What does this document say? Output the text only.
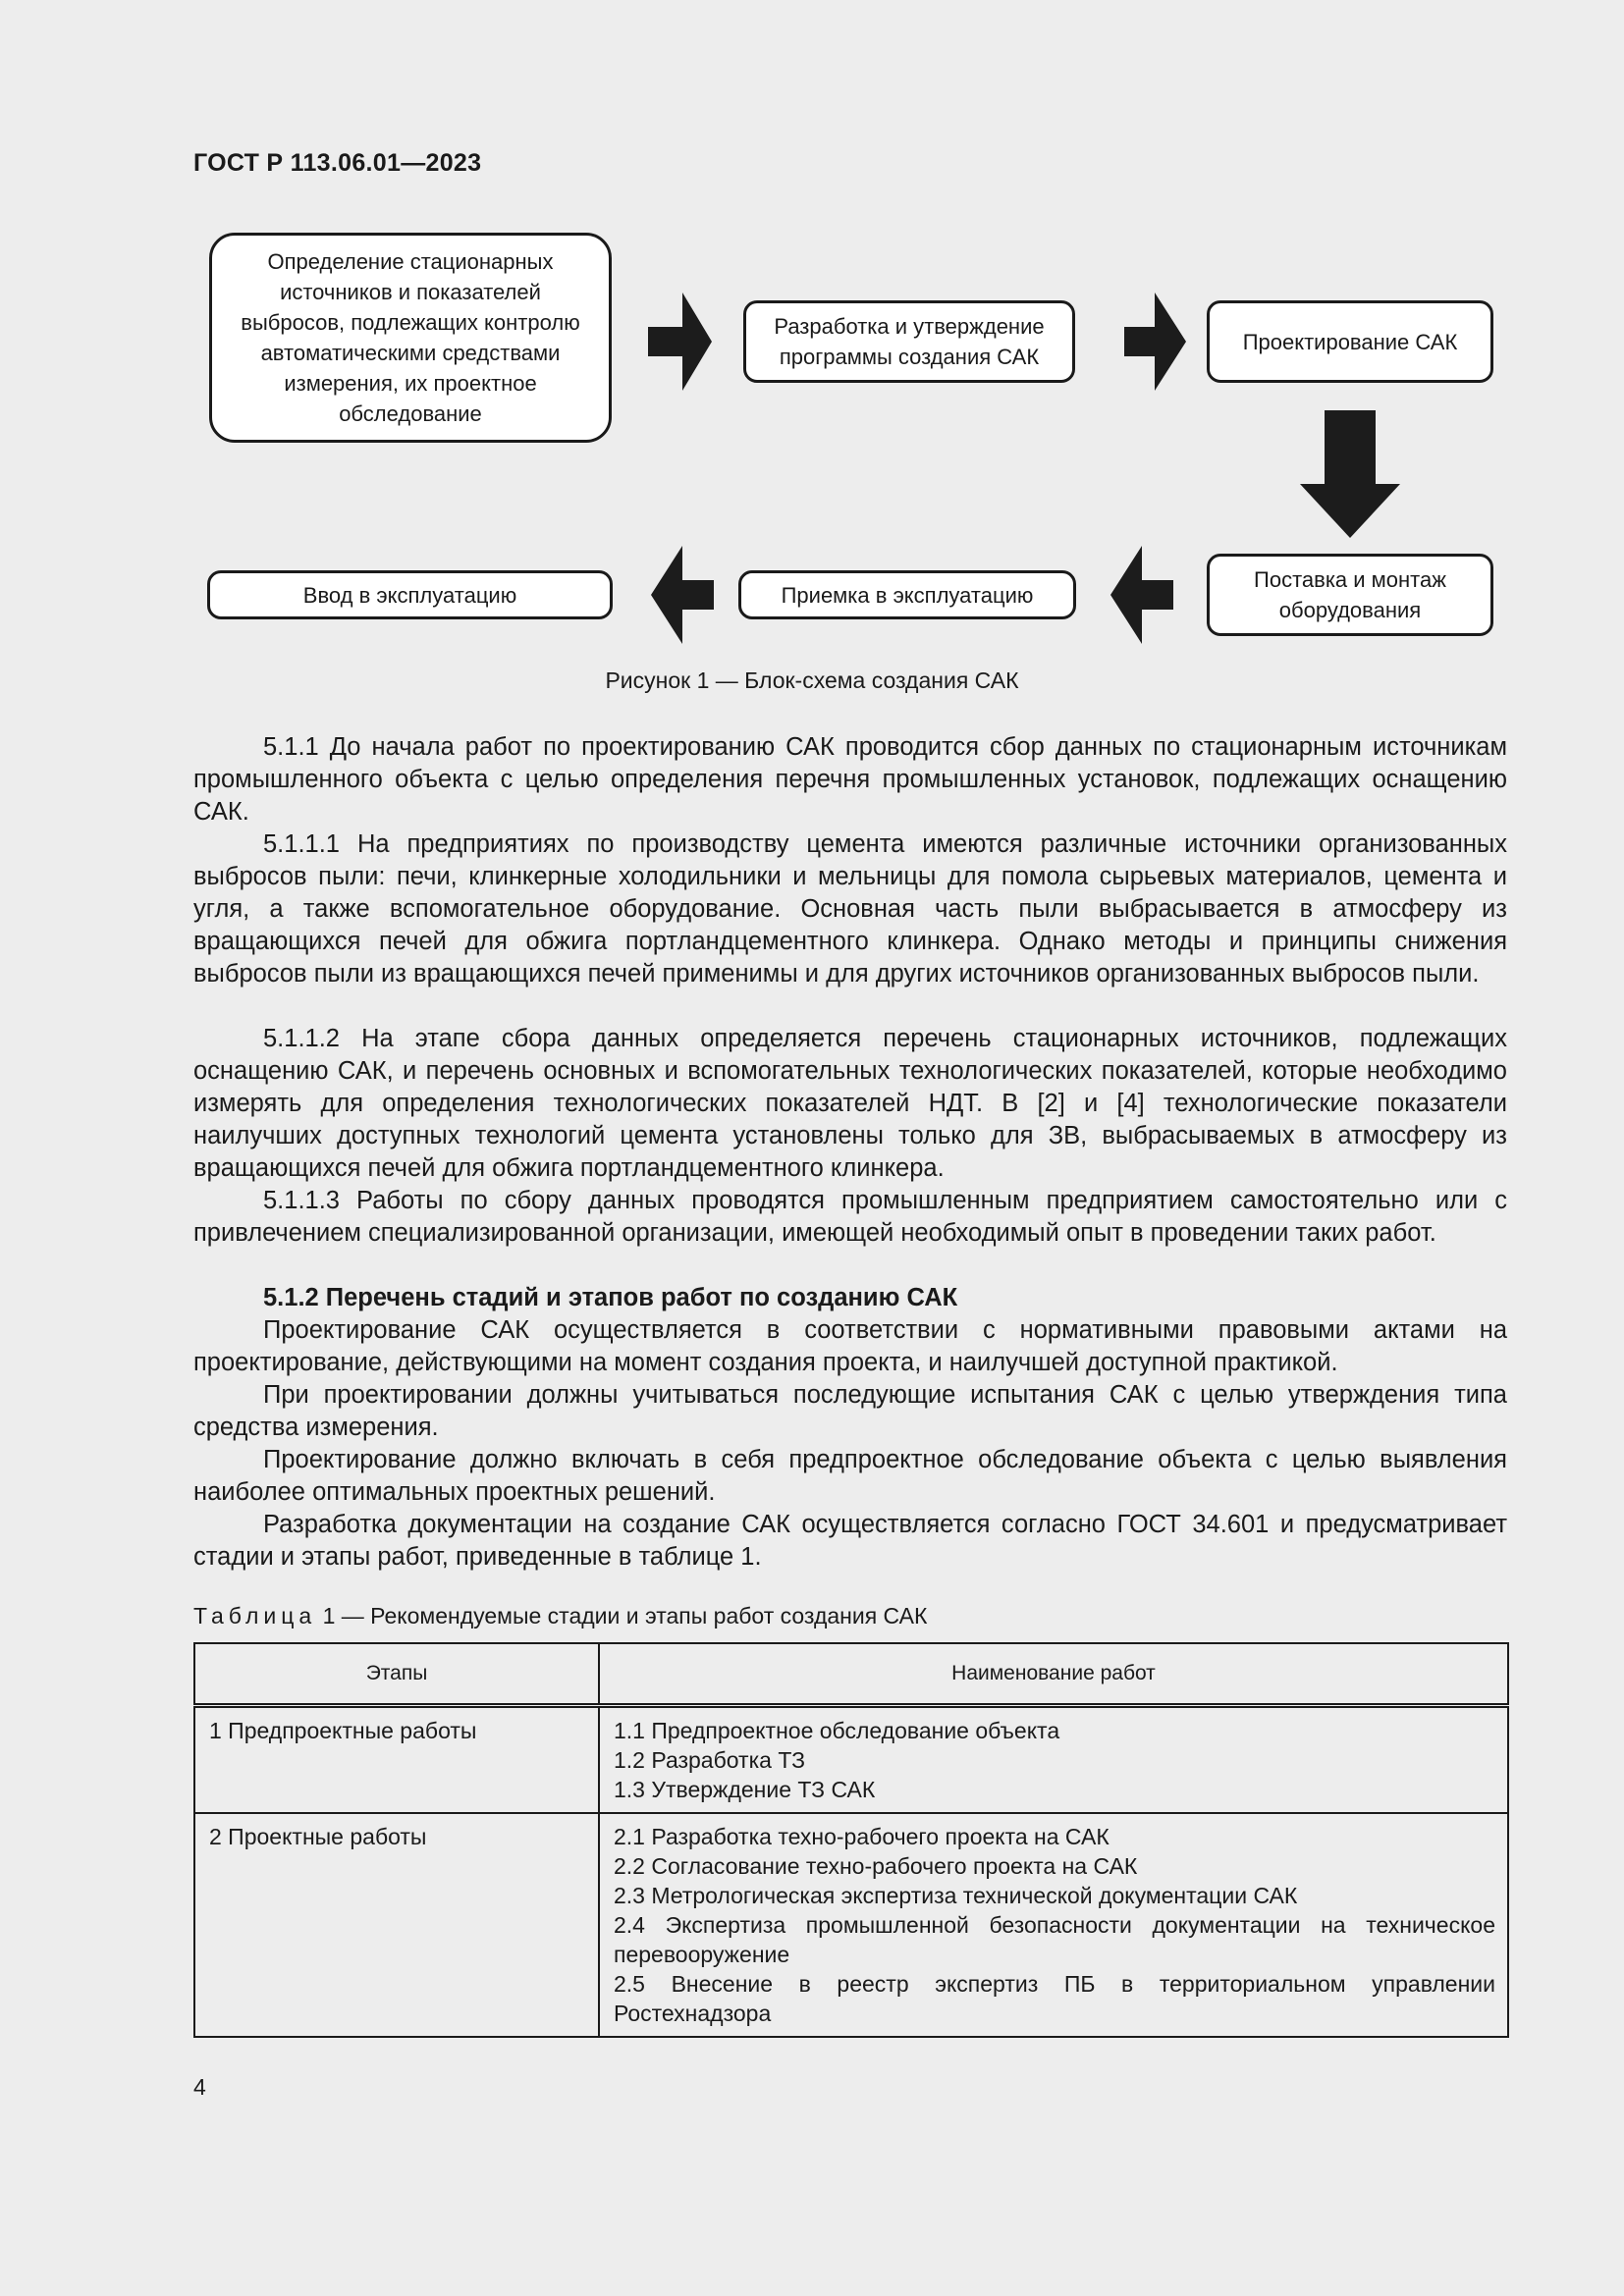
ГОСТ Р 113.06.01—2023
Определение стационарных
источников и показателей
выбросов, подлежащих контролю
автоматическими средствами
измерения, их проектное
обследование
Разработка и утверждение
программы создания САК
Проектирование САК
Поставка и монтаж
оборудования
Приемка в эксплуатацию
Ввод в эксплуатацию
Рисунок 1 — Блок-схема создания САК

5.1.1 До начала работ по проектированию САК проводится сбор данных по стационарным источникам промышленного объекта с целью определения перечня промышленных установок, подлежащих оснащению САК.

5.1.1.1 На предприятиях по производству цемента имеются различные источники организованных выбросов пыли: печи, клинкерные холодильники и мельницы для помола сырьевых материалов, цемента и угля, а также вспомогательное оборудование. Основная часть пыли выбрасывается в атмосферу из вращающихся печей для обжига портландцементного клинкера. Однако методы и принципы снижения выбросов пыли из вращающихся печей применимы и для других источников организованных выбросов пыли.

5.1.1.2 На этапе сбора данных определяется перечень стационарных источников, подлежащих оснащению САК, и перечень основных и вспомогательных технологических показателей, которые необходимо измерять для определения технологических показателей НДТ. В [2] и [4] технологические показатели наилучших доступных технологий цемента установлены только для ЗВ, выбрасываемых в атмосферу из вращающихся печей для обжига портландцементного клинкера.

5.1.1.3 Работы по сбору данных проводятся промышленным предприятием самостоятельно или с привлечением специализированной организации, имеющей необходимый опыт в проведении таких работ.

5.1.2 Перечень стадий и этапов работ по созданию САК

Проектирование САК осуществляется в соответствии с нормативными правовыми актами на проектирование, действующими на момент создания проекта, и наилучшей доступной практикой.

При проектировании должны учитываться последующие испытания САК с целью утверждения типа средства измерения.

Проектирование должно включать в себя предпроектное обследование объекта с целью выявления наиболее оптимальных проектных решений.

Разработка документации на создание САК осуществляется согласно ГОСТ 34.601 и предусматривает стадии и этапы работ, приведенные в таблице 1.

Таблица 1 — Рекомендуемые стадии и этапы работ создания САК
Этапы	Наименование работ
1 Предпроектные работы	1.1 Предпроектное обследование объекта
1.2 Разработка ТЗ
1.3 Утверждение ТЗ САК

2 Проектные работы	2.1 Разработка техно-рабочего проекта на САК
2.2 Согласование техно-рабочего проекта на САК
2.3 Метрологическая экспертиза технической документации САК
2.4 Экспертиза промышленной безопасности документации на техническое перевооружение
2.5 Внесение в реестр экспертиз ПБ в территориальном управлении Ростехнадзора
4
